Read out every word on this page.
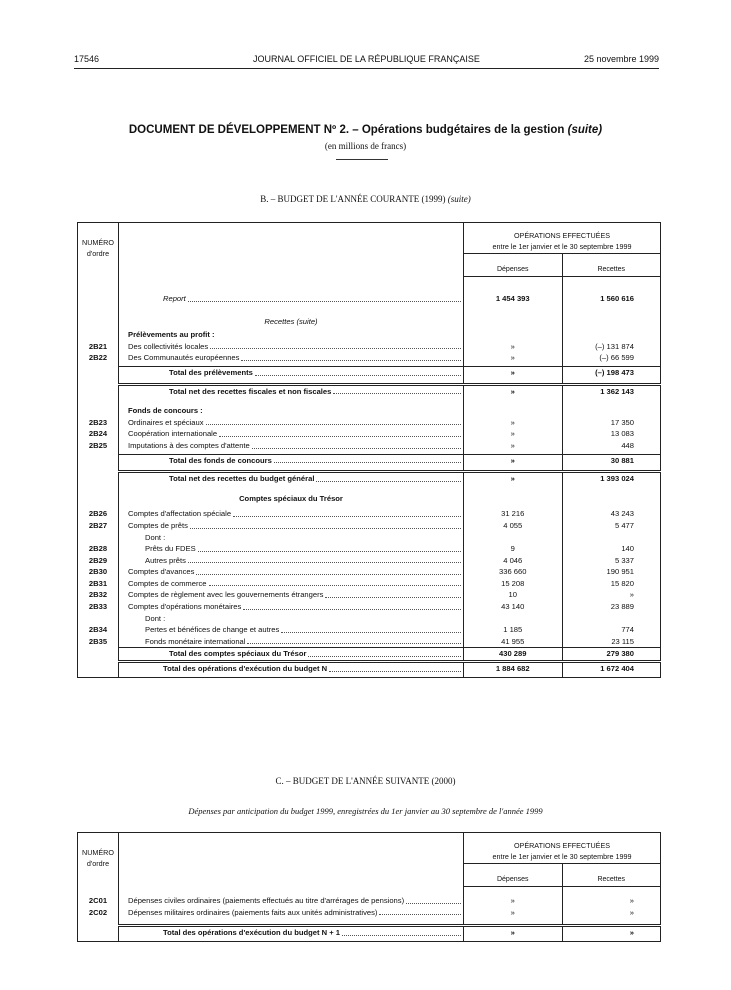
17546	JOURNAL OFFICIEL DE LA RÉPUBLIQUE FRANÇAISE	25 novembre 1999
DOCUMENT DE DÉVELOPPEMENT Nº 2. – Opérations budgétaires de la gestion (suite)
(en millions de francs)
B. – BUDGET DE L'ANNÉE COURANTE (1999) (suite)
NUMÉRO
d'ordre		OPÉRATIONS EFFECTUÉES
entre le 1er janvier et le 30 septembre 1999	
		Dépenses	Recettes

	Report	1 454 393	1 560 616

	Recettes (suite)		

	Prélèvements au profit :		

2B21	Des collectivités locales	»	(–) 131 874
2B22	Des Communautés européennes	»	(–) 66 599

	Total des prélèvements	»	(–) 198 473

	Total net des recettes fiscales et non fiscales	»	1 362 143

	Fonds de concours :		

2B23	Ordinaires et spéciaux	»	17 350
2B24	Coopération internationale	»	13 083
2B25	Imputations à des comptes d'attente	»	448

	Total des fonds de concours	»	30 881

	Total net des recettes du budget général	»	1 393 024

	Comptes spéciaux du Trésor		

2B26	Comptes d'affectation spéciale	31 216	43 243
2B27	Comptes de prêts	4 055	5 477

	Dont :		

2B28	Prêts du FDES	9	140
2B29	Autres prêts	4 046	5 337
2B30	Comptes d'avances	336 660	190 951
2B31	Comptes de commerce	15 208	15 820
2B32	Comptes de règlement avec les gouvernements étrangers	10	»
2B33	Comptes d'opérations monétaires	43 140	23 889

	Dont :		

2B34	Pertes et bénéfices de change et autres	1 185	774
2B35	Fonds monétaire international	41 955	23 115

	Total des comptes spéciaux du Trésor	430 289	279 380

	Total des opérations d'exécution du budget N	1 884 682	1 672 404

C. – BUDGET DE L'ANNÉE SUIVANTE (2000)
Dépenses par anticipation du budget 1999, enregistrées du 1er janvier au 30 septembre de l'année 1999
NUMÉRO
d'ordre		OPÉRATIONS EFFECTUÉES
entre le 1er janvier et le 30 septembre 1999	
		Dépenses	Recettes

2C01	Dépenses civiles ordinaires (paiements effectués au titre d'arrérages de pensions)	»	»
2C02	Dépenses militaires ordinaires (paiements faits aux unités administratives)	»	»

	Total des opérations d'exécution du budget N + 1	»	»
